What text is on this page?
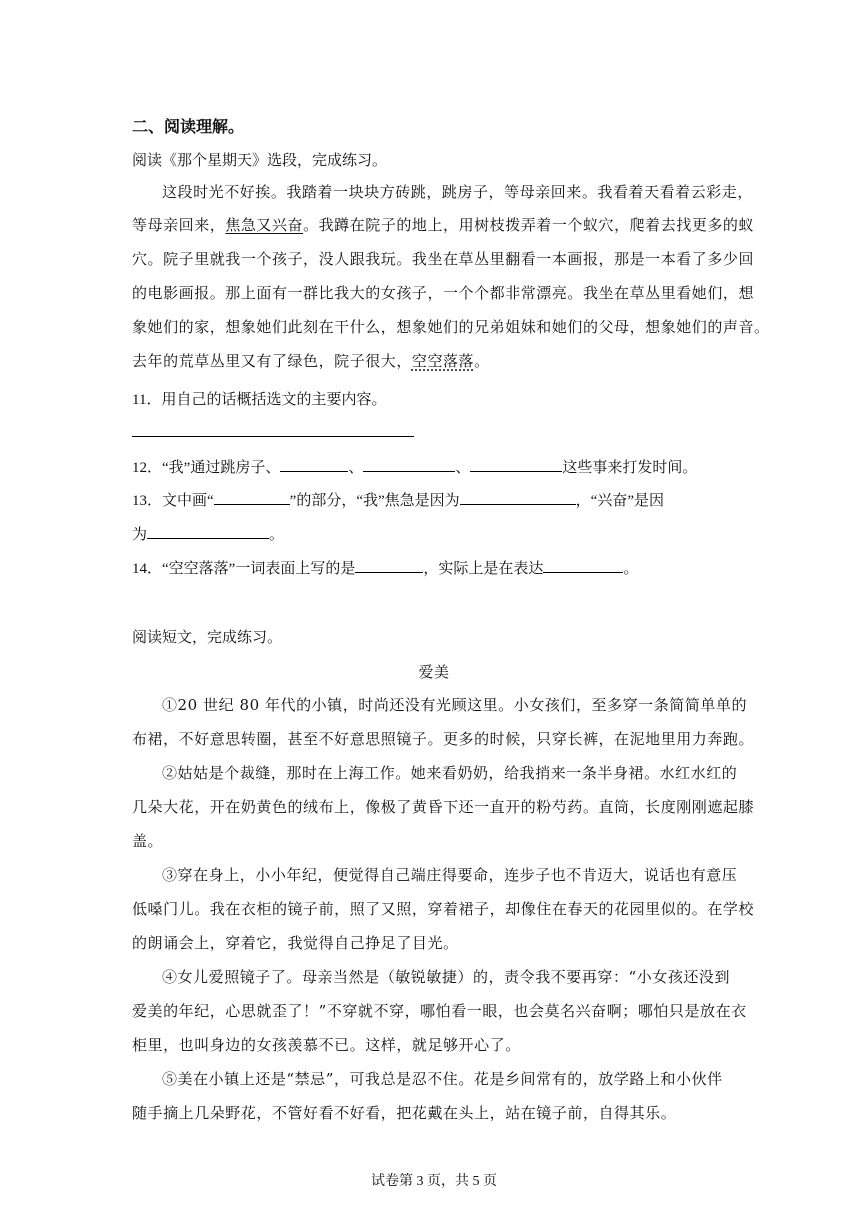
二、阅读理解。
阅读《那个星期天》选段，完成练习。
这段时光不好挨。我踏着一块块方砖跳，跳房子，等母亲回来。我看着天看着云彩走，
等母亲回来，焦急又兴奋。我蹲在院子的地上，用树枝拨弄着一个蚁穴，爬着去找更多的蚁
穴。院子里就我一个孩子，没人跟我玩。我坐在草丛里翻看一本画报，那是一本看了多少回
的电影画报。那上面有一群比我大的女孩子，一个个都非常漂亮。我坐在草丛里看她们，想
象她们的家，想象她们此刻在干什么，想象她们的兄弟姐妹和她们的父母，想象她们的声音。
去年的荒草丛里又有了绿色，院子很大，空空落落。
11．用自己的话概括选文的主要内容。
12．“我”通过跳房子、	、	、	这些事来打发时间。
13．文中画“	”的部分，“我”焦急是因为	，“兴奋”是因
为	。
14．“空空落落”一词表面上写的是	，实际上是在表达	。
阅读短文，完成练习。
爱美
①20 世纪 80 年代的小镇，时尚还没有光顾这里。小女孩们，至多穿一条简简单单的
布裙，不好意思转圈，甚至不好意思照镜子。更多的时候，只穿长裤，在泥地里用力奔跑。
②姑姑是个裁缝，那时在上海工作。她来看奶奶，给我捎来一条半身裙。水红水红的
几朵大花，开在奶黄色的绒布上，像极了黄昏下还一直开的粉芍药。直筒，长度刚刚遮起膝
盖。
③穿在身上，小小年纪，便觉得自己端庄得要命，连步子也不肯迈大，说话也有意压
低嗓门儿。我在衣柜的镜子前，照了又照，穿着裙子，却像住在春天的花园里似的。在学校
的朗诵会上，穿着它，我觉得自己挣足了目光。
④女儿爱照镜子了。母亲当然是（敏锐敏捷）的，责令我不要再穿：“小女孩还没到
爱美的年纪，心思就歪了！”不穿就不穿，哪怕看一眼，也会莫名兴奋啊；哪怕只是放在衣
柜里，也叫身边的女孩羡慕不已。这样，就足够开心了。
⑤美在小镇上还是“禁忌”，可我总是忍不住。花是乡间常有的，放学路上和小伙伴
随手摘上几朵野花，不管好看不好看，把花戴在头上，站在镜子前，自得其乐。
试卷第 3 页，共 5 页
